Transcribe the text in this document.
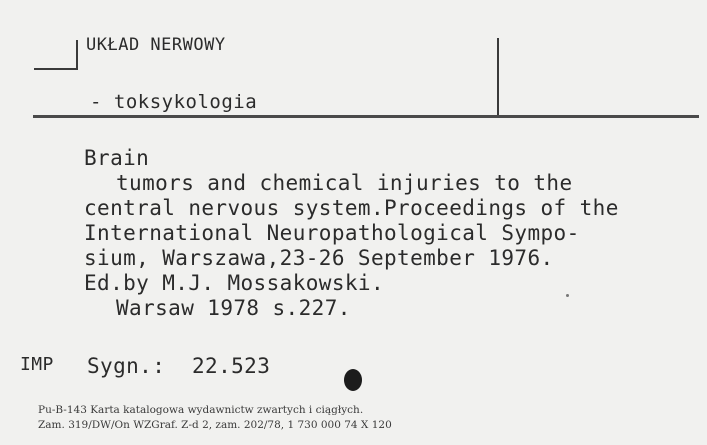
UKŁAD NERWOWY
- toksykologia
Brain
tumors and chemical injuries to the
central nervous system.Proceedings of the
International Neuropathological Sympo-
sium, Warszawa,23-26 September 1976.
Ed.by M.J. Mossakowski.
Warsaw 1978 s.227.
IMP Sygn.: 22.523
Pu-B-143 Karta katalogowa wydawnictw zwartych i ciągłych.
Zam. 319/DW/On WZGraf. Z-d 2, zam. 202/78, 1 730 000 74 X 120
